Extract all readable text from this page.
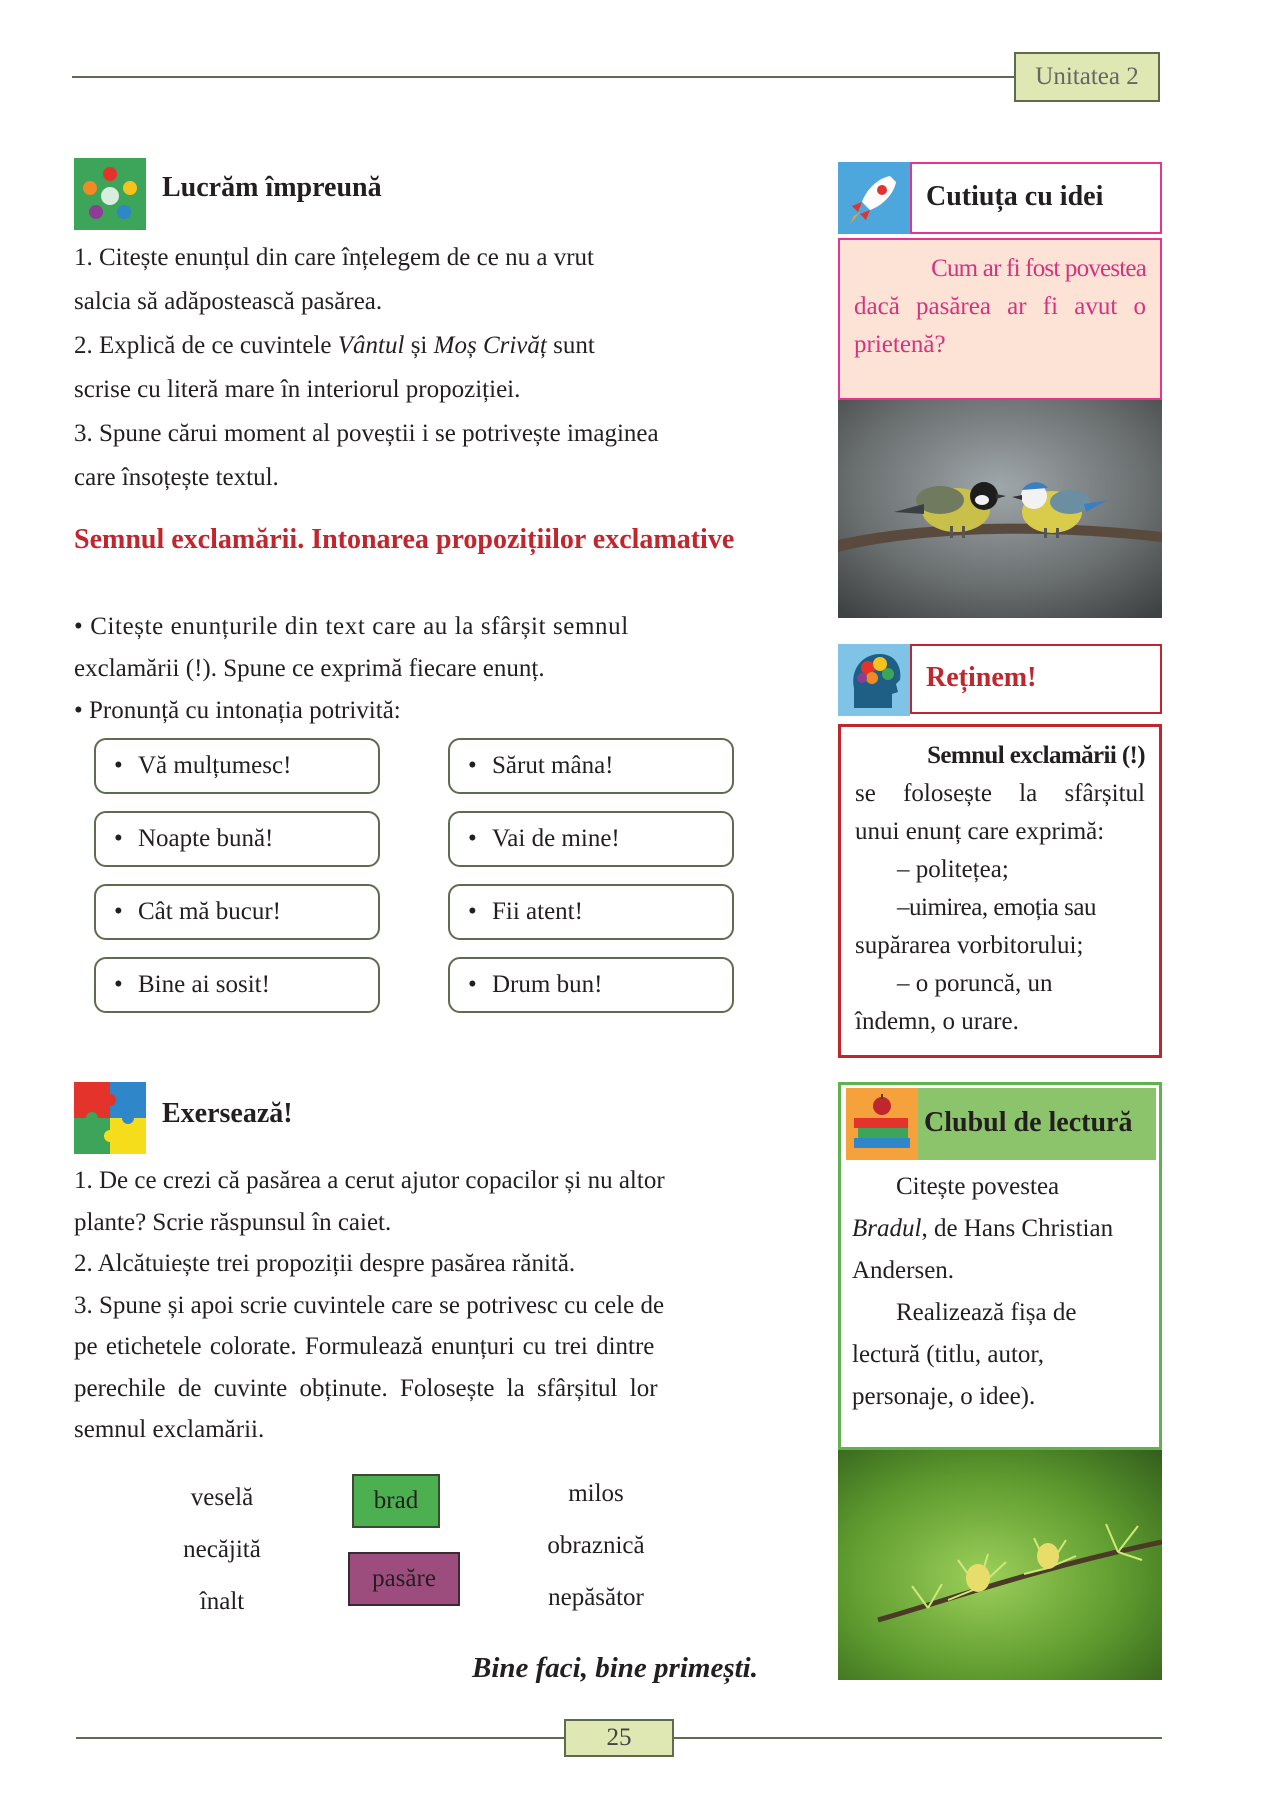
Unitatea 2
Lucrăm împreună

1. Citește enunțul din care înțelegem de ce nu a vrut

salcia să adăpostească pasărea.

2. Explică de ce cuvintele Vântul și Moș Crivăț sunt

scrise cu literă mare în interiorul propoziției.

3. Spune cărui moment al poveștii i se potrivește imaginea

care însoțește textul.

Semnul exclamării. Intonarea propozițiilor exclamative

• Citește enunțurile din text care au la sfârșit semnul

exclamării (!). Spune ce exprimă fiecare enunț.

• Pronunță cu intonația potrivită:

• Vă mulțumesc!
• Noapte bună!
• Cât mă bucur!
• Bine ai sosit!
• Sărut mâna!
• Vai de mine!
• Fii atent!
• Drum bun!
Exersează!

1. De ce crezi că pasărea a cerut ajutor copacilor și nu altor

plante? Scrie răspunsul în caiet.

2. Alcătuiește trei propoziții despre pasărea rănită.

3. Spune și apoi scrie cuvintele care se potrivesc cu cele de

pe etichetele colorate. Formulează enunțuri cu trei dintre

perechile de cuvinte obținute. Folosește la sfârșitul lor

semnul exclamării.

veselă
necăjită
înalt
milos
obraznică
nepăsător
brad
pasăre
Bine faci, bine primești.
Cutiuța cu idei
Cum ar fi fost povestea
dacă pasărea ar fi avut o
prietenă?
Reținem!
Semnul exclamării (!)
se folosește la sfârșitul
unui enunț care exprimă:
– politețea;
–uimirea, emoția sau
supărarea vorbitorului;
– o poruncă, un
îndemn, o urare.
Clubul de lectură
Citește povestea
Bradul, de Hans Christian
Andersen.
Realizează fișa de
lectură (titlu, autor,
personaje, o idee).
25
